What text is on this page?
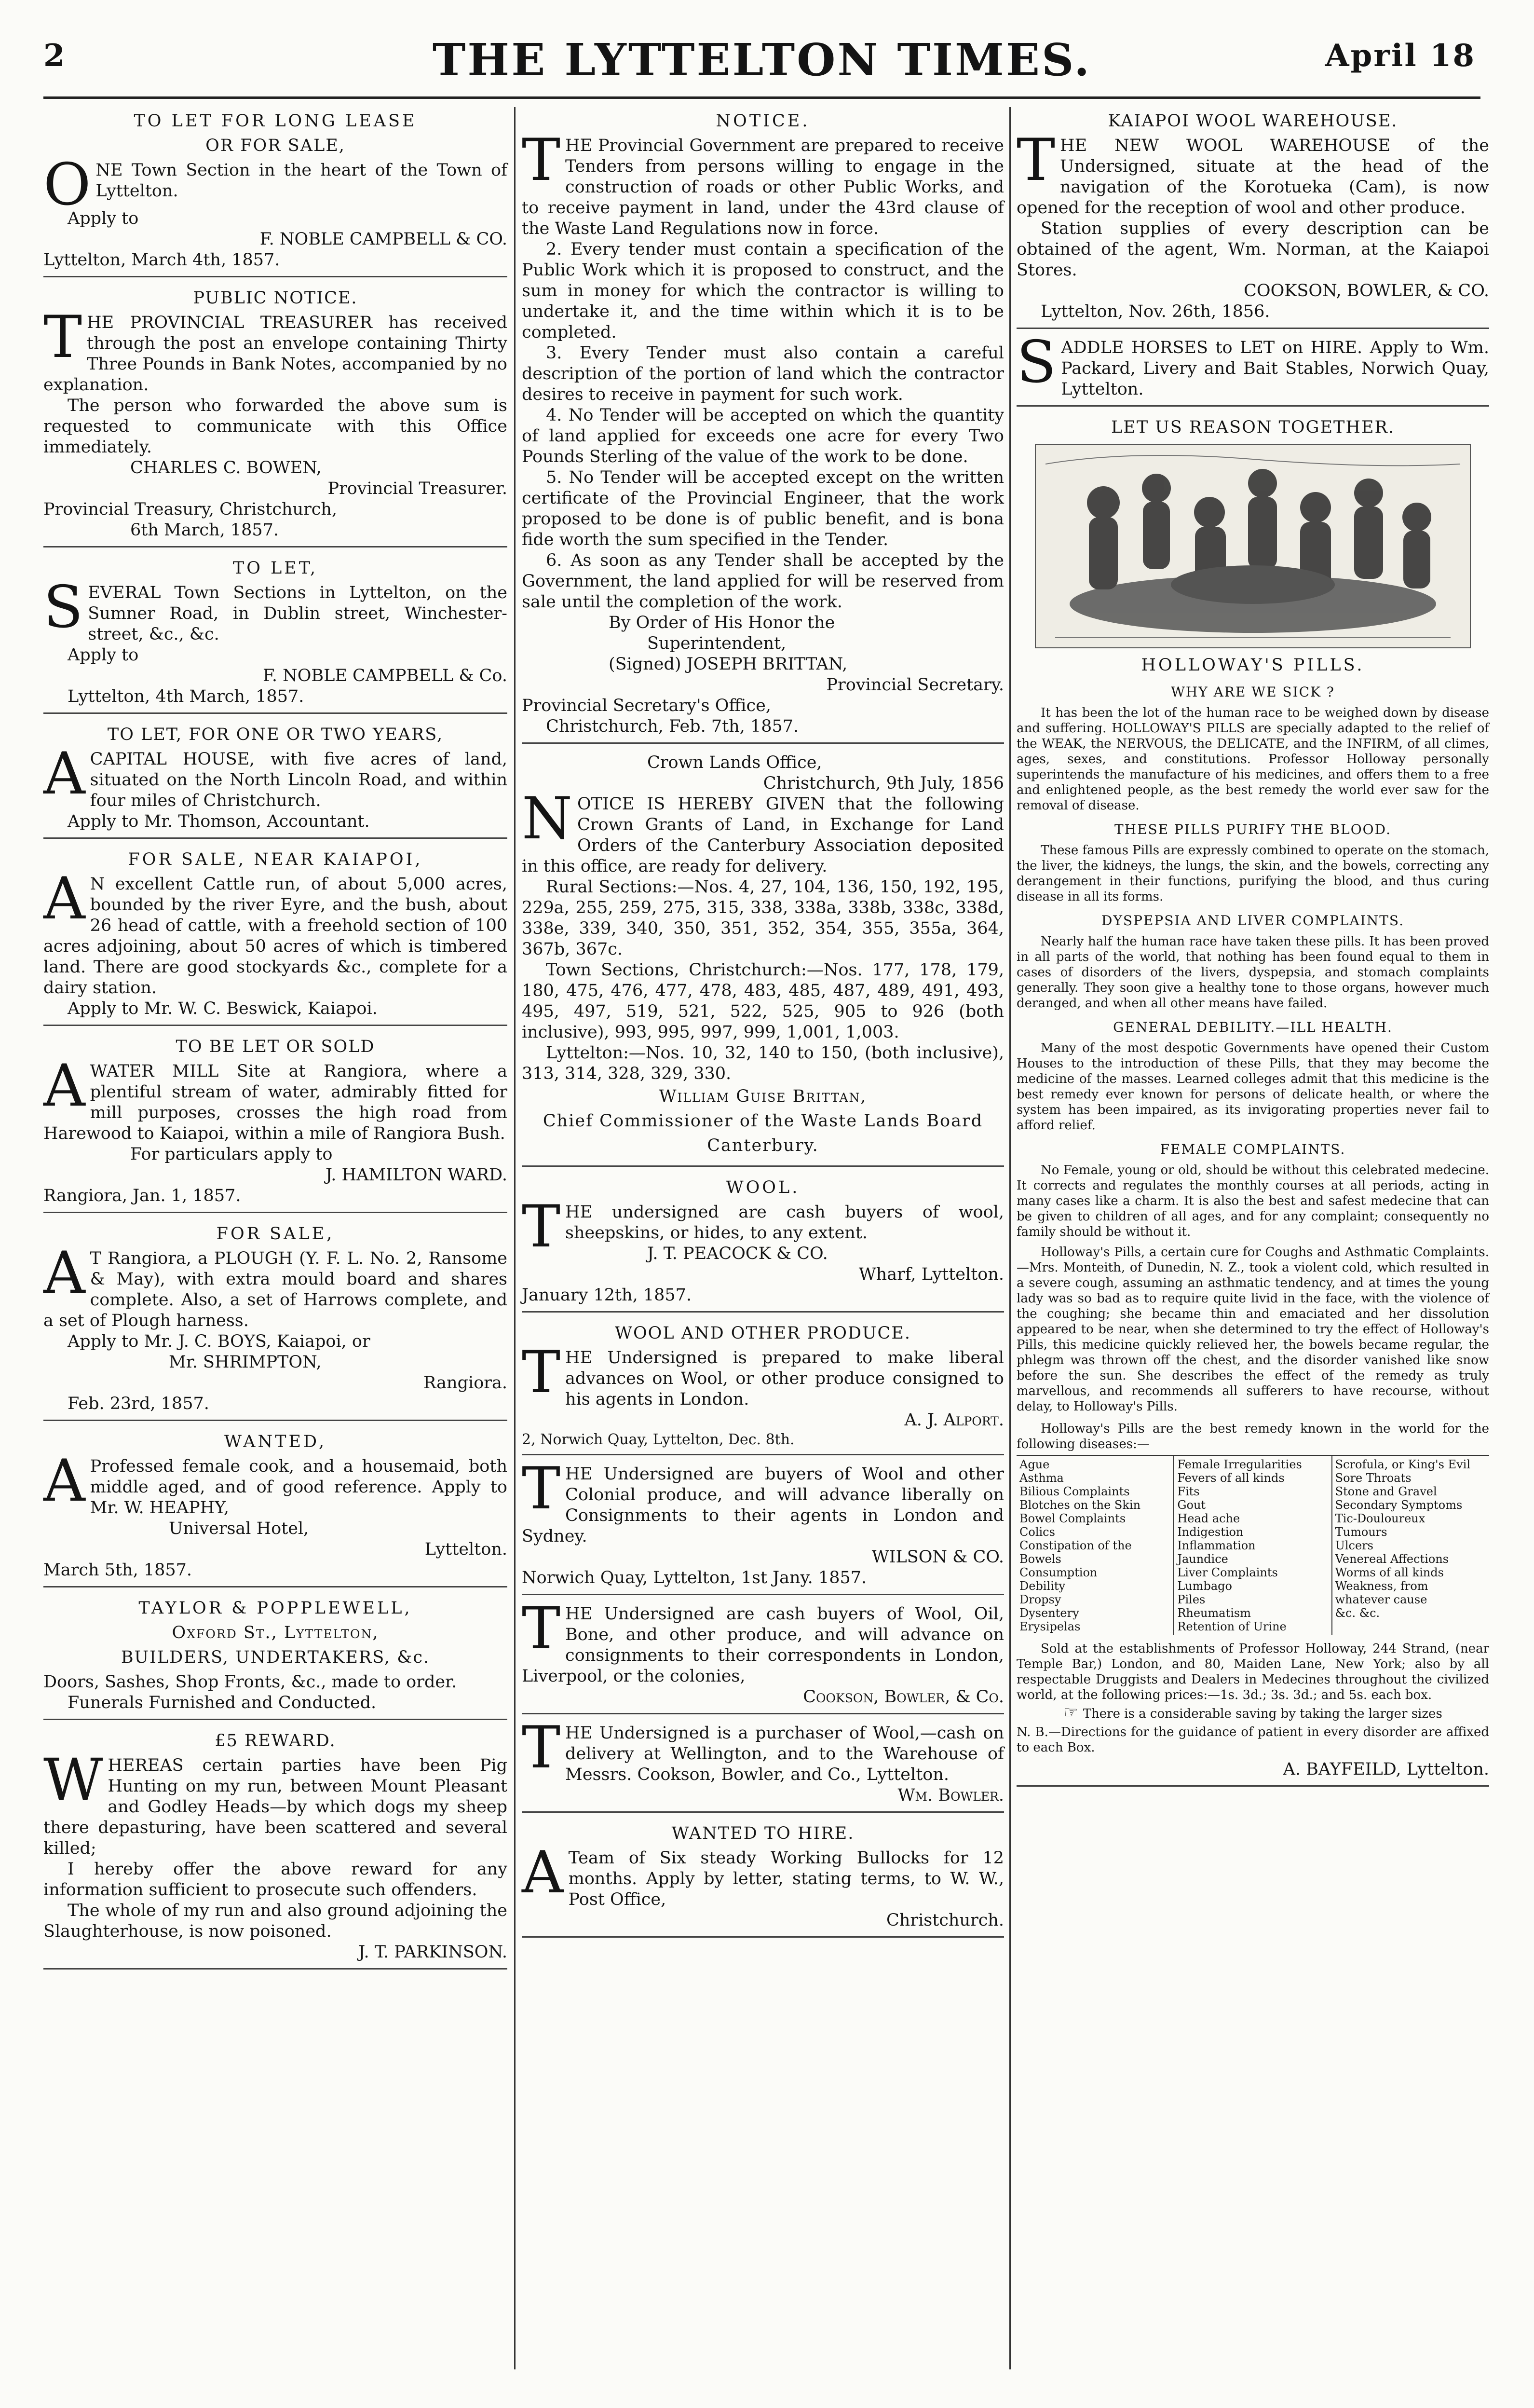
2	THE LYTTELTON TIMES.	April 18
TO LET FOR LONG LEASE
OR FOR SALE,

ONE Town Section in the heart of the Town of Lyttelton.

Apply to
F. NOBLE CAMPBELL & CO.
Lyttelton, March 4th, 1857.
PUBLIC NOTICE.

THE PROVINCIAL TREASURER has received through the post an envelope containing Thirty Three Pounds in Bank Notes, accompanied by no explanation.

The person who forwarded the above sum is requested to communicate with this Office immediately.

CHARLES C. BOWEN,
Provincial Treasurer.
Provincial Treasury, Christchurch,
6th March, 1857.
TO LET,

SEVERAL Town Sections in Lyttelton, on the Sumner Road, in Dublin street, Winchester-street, &c., &c.

Apply to
F. NOBLE CAMPBELL & Co.
Lyttelton, 4th March, 1857.
TO LET, FOR ONE OR TWO YEARS,

ACAPITAL HOUSE, with five acres of land, situated on the North Lincoln Road, and within four miles of Christchurch.

Apply to Mr. Thomson, Accountant.
FOR SALE, NEAR KAIAPOI,

A N excellent Cattle run, of about 5,000 acres, bounded by the river Eyre, and the bush, about 26 head of cattle, with a freehold section of 100 acres adjoining, about 50 acres of which is timbered land. There are good stockyards &c., complete for a dairy station.

Apply to Mr. W. C. Beswick, Kaiapoi.
TO BE LET OR SOLD

AWATER MILL Site at Rangiora, where a plentiful stream of water, admirably fitted for mill purposes, crosses the high road from Harewood to Kaiapoi, within a mile of Rangiora Bush.

For particulars apply to
J. HAMILTON WARD.
Rangiora, Jan. 1, 1857.
FOR SALE,

A T Rangiora, a PLOUGH (Y. F. L. No. 2, Ransome & May), with extra mould board and shares complete. Also, a set of Harrows complete, and a set of Plough harness.

Apply to Mr. J. C. BOYS, Kaiapoi, or
Mr. SHRIMPTON,
Rangiora.
Feb. 23rd, 1857.
WANTED,

A Professed female cook, and a housemaid, both middle aged, and of good reference. Apply to Mr. W. HEAPHY,

Universal Hotel,
Lyttelton.
March 5th, 1857.
TAYLOR & POPPLEWELL,
Oxford St., Lyttelton,
BUILDERS, UNDERTAKERS, &c.

Doors, Sashes, Shop Fronts, &c., made to order.

Funerals Furnished and Conducted.

£5 REWARD.

WHEREAS certain parties have been Pig Hunting on my run, between Mount Pleasant and Godley Heads—by which dogs my sheep there depasturing, have been scattered and several killed;

I hereby offer the above reward for any information sufficient to prosecute such offenders.

The whole of my run and also ground adjoining the Slaughterhouse, is now poisoned.

J. T. PARKINSON.
NOTICE.

THE Provincial Government are prepared to receive Tenders from persons willing to engage in the construction of roads or other Public Works, and to receive payment in land, under the 43rd clause of the Waste Land Regulations now in force.

2. Every tender must contain a specification of the Public Work which it is proposed to construct, and the sum in money for which the contractor is willing to undertake it, and the time within which it is to be completed.

3. Every Tender must also contain a careful description of the portion of land which the contractor desires to receive in payment for such work.

4. No Tender will be accepted on which the quantity of land applied for exceeds one acre for every Two Pounds Sterling of the value of the work to be done.

5. No Tender will be accepted except on the written certificate of the Provincial Engineer, that the work proposed to be done is of public benefit, and is bona fide worth the sum specified in the Tender.

6. As soon as any Tender shall be accepted by the Government, the land applied for will be reserved from sale until the completion of the work.

By Order of His Honor the
Superintendent,
(Signed) JOSEPH BRITTAN,
Provincial Secretary.
Provincial Secretary's Office,
Christchurch, Feb. 7th, 1857.
Crown Lands Office,
Christchurch, 9th July, 1856

NOTICE IS HEREBY GIVEN that the following Crown Grants of Land, in Exchange for Land Orders of the Canterbury Association deposited in this office, are ready for delivery.

Rural Sections:—Nos. 4, 27, 104, 136, 150, 192, 195, 229a, 255, 259, 275, 315, 338, 338a, 338b, 338c, 338d, 338e, 339, 340, 350, 351, 352, 354, 355, 355a, 364, 367b, 367c.

Town Sections, Christchurch:—Nos. 177, 178, 179, 180, 475, 476, 477, 478, 483, 485, 487, 489, 491, 493, 495, 497, 519, 521, 522, 525, 905 to 926 (both inclusive), 993, 995, 997, 999, 1,001, 1,003.

Lyttelton:—Nos. 10, 32, 140 to 150, (both inclusive), 313, 314, 328, 329, 330.

William Guise Brittan,
Chief Commissioner of the Waste Lands Board
Canterbury.
WOOL.

THE undersigned are cash buyers of wool, sheepskins, or hides, to any extent.

J. T. PEACOCK & CO.
Wharf, Lyttelton.
January 12th, 1857.
WOOL AND OTHER PRODUCE.

THE Undersigned is prepared to make liberal advances on Wool, or other produce consigned to his agents in London.

A. J. Alport.
2, Norwich Quay, Lyttelton, Dec. 8th.

THE Undersigned are buyers of Wool and other Colonial produce, and will advance liberally on Consignments to their agents in London and Sydney.

WILSON & CO.
Norwich Quay, Lyttelton, 1st Jany. 1857.

THE Undersigned are cash buyers of Wool, Oil, Bone, and other produce, and will advance on consignments to their correspondents in London, Liverpool, or the colonies,

Cookson, Bowler, & Co.

THE Undersigned is a purchaser of Wool,—cash on delivery at Wellington, and to the Warehouse of Messrs. Cookson, Bowler, and Co., Lyttelton.

Wm. Bowler.
WANTED TO HIRE.

A Team of Six steady Working Bullocks for 12 months. Apply by letter, stating terms, to W. W., Post Office,

Christchurch.
KAIAPOI WOOL WAREHOUSE.

THE NEW WOOL WAREHOUSE of the Undersigned, situate at the head of the navigation of the Korotueka (Cam), is now opened for the reception of wool and other produce.

Station supplies of every description can be obtained of the agent, Wm. Norman, at the Kaiapoi Stores.

COOKSON, BOWLER, & CO.
Lyttelton, Nov. 26th, 1856.

SADDLE HORSES to LET on HIRE. Apply to Wm. Packard, Livery and Bait Stables, Norwich Quay, Lyttelton.

LET US REASON TOGETHER.
HOLLOWAY'S PILLS.
WHY ARE WE SICK ?

It has been the lot of the human race to be weighed down by disease and suffering. HOLLOWAY'S PILLS are specially adapted to the relief of the WEAK, the NERVOUS, the DELICATE, and the INFIRM, of all climes, ages, sexes, and constitutions. Professor Holloway personally superintends the manufacture of his medicines, and offers them to a free and enlightened people, as the best remedy the world ever saw for the removal of disease.

THESE PILLS PURIFY THE BLOOD.

These famous Pills are expressly combined to operate on the stomach, the liver, the kidneys, the lungs, the skin, and the bowels, correcting any derangement in their functions, purifying the blood, and thus curing disease in all its forms.

DYSPEPSIA AND LIVER COMPLAINTS.

Nearly half the human race have taken these pills. It has been proved in all parts of the world, that nothing has been found equal to them in cases of disorders of the livers, dyspepsia, and stomach complaints generally. They soon give a healthy tone to those organs, however much deranged, and when all other means have failed.

GENERAL DEBILITY.—ILL HEALTH.

Many of the most despotic Governments have opened their Custom Houses to the introduction of these Pills, that they may become the medicine of the masses. Learned colleges admit that this medicine is the best remedy ever known for persons of delicate health, or where the system has been impaired, as its invigorating properties never fail to afford relief.

FEMALE COMPLAINTS.

No Female, young or old, should be without this celebrated medecine. It corrects and regulates the monthly courses at all periods, acting in many cases like a charm. It is also the best and safest medecine that can be given to children of all ages, and for any complaint; consequently no family should be without it.

Holloway's Pills, a certain cure for Coughs and Asthmatic Complaints.—Mrs. Monteith, of Dunedin, N. Z., took a violent cold, which resulted in a severe cough, assuming an asthmatic tendency, and at times the young lady was so bad as to require quite livid in the face, with the violence of the coughing; she became thin and emaciated and her dissolution appeared to be near, when she determined to try the effect of Holloway's Pills, this medicine quickly relieved her, the bowels became regular, the phlegm was thrown off the chest, and the disorder vanished like snow before the sun. She describes the effect of the remedy as truly marvellous, and recommends all sufferers to have recourse, without delay, to Holloway's Pills.

Holloway's Pills are the best remedy known in the world for the following diseases:—

Ague
Asthma
Bilious Complaints
Blotches on the Skin
Bowel Complaints
Colics
Constipation of the Bowels
Consumption
Debility
Dropsy
Dysentery
Erysipelas
Female Irregularities
Fevers of all kinds
Fits
Gout
Head ache
Indigestion
Inflammation
Jaundice
Liver Complaints
Lumbago
Piles
Rheumatism
Retention of Urine
Scrofula, or King's Evil
Sore Throats
Stone and Gravel
Secondary Symptoms
Tic-Douloureux
Tumours
Ulcers
Venereal Affections
Worms of all kinds
Weakness, from whatever cause
&c. &c.

Sold at the establishments of Professor Holloway, 244 Strand, (near Temple Bar,) London, and 80, Maiden Lane, New York; also by all respectable Druggists and Dealers in Medecines throughout the civilized world, at the following prices:—1s. 3d.; 3s. 3d.; and 5s. each box.

☞ There is a considerable saving by taking the larger sizes

N. B.—Directions for the guidance of patient in every disorder are affixed to each Box.

A. BAYFEILD, Lyttelton.
